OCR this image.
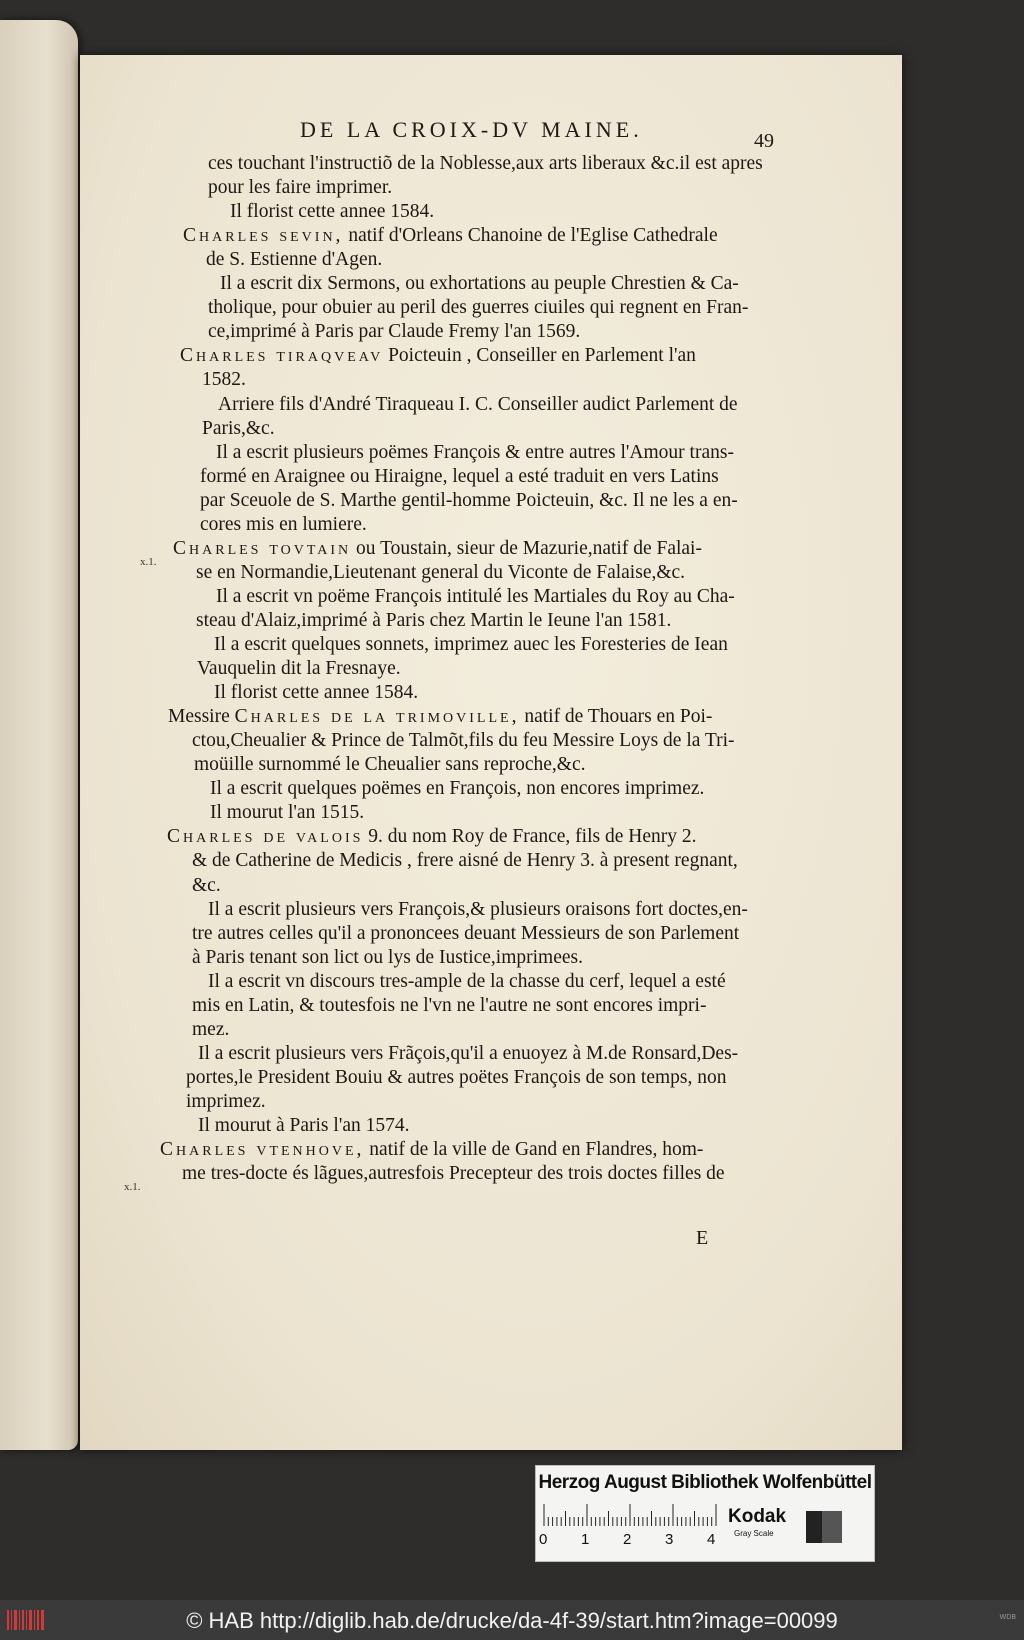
DE LA CROIX-DV MAINE.	49
ces touchant l'instructiõ de la Noblesse,aux arts liberaux &c.il est apres
pour les faire imprimer.
Il florist cette annee 1584.
Charles sevin, natif d'Orleans Chanoine de l'Eglise Cathedrale
de S. Estienne d'Agen.
Il a escrit dix Sermons, ou exhortations au peuple Chrestien & Ca-
tholique, pour obuier au peril des guerres ciuiles qui regnent en Fran-
ce,imprimé à Paris par Claude Fremy l'an 1569.
Charles tiraqveav Poicteuin , Conseiller en Parlement l'an
1582.
Arriere fils d'André Tiraqueau I. C. Conseiller audict Parlement de
Paris,&c.
Il a escrit plusieurs poëmes François & entre autres l'Amour trans-
formé en Araignee ou Hiraigne, lequel a esté traduit en vers Latins
par Sceuole de S. Marthe gentil-homme Poicteuin, &c. Il ne les a en-
cores mis en lumiere.
Charles tovtain ou Toustain, sieur de Mazurie,natif de Falai-
se en Normandie,Lieutenant general du Viconte de Falaise,&c.
Il a escrit vn poëme François intitulé les Martiales du Roy au Cha-
steau d'Alaiz,imprimé à Paris chez Martin le Ieune l'an 1581.
Il a escrit quelques sonnets, imprimez auec les Foresteries de Iean
Vauquelin dit la Fresnaye.
Il florist cette annee 1584.
Messire Charles de la trimoville, natif de Thouars en Poi-
ctou,Cheualier & Prince de Talmõt,fils du feu Messire Loys de la Tri-
moüille surnommé le Cheualier sans reproche,&c.
Il a escrit quelques poëmes en François, non encores imprimez.
Il mourut l'an 1515.
Charles de valois 9. du nom Roy de France, fils de Henry 2.
& de Catherine de Medicis , frere aisné de Henry 3. à present regnant,
&c.
Il a escrit plusieurs vers François,& plusieurs oraisons fort doctes,en-
tre autres celles qu'il a prononcees deuant Messieurs de son Parlement
à Paris tenant son lict ou lys de Iustice,imprimees.
Il a escrit vn discours tres-ample de la chasse du cerf, lequel a esté
mis en Latin, & toutesfois ne l'vn ne l'autre ne sont encores impri-
mez.
Il a escrit plusieurs vers Frãçois,qu'il a enuoyez à M.de Ronsard,Des-
portes,le President Bouiu & autres poëtes François de son temps, non
imprimez.
Il mourut à Paris l'an 1574.
Charles vtenhove, natif de la ville de Gand en Flandres, hom-
me tres-docte és lãgues,autresfois Precepteur des trois doctes filles de
x.1.
x.1.
E
Herzog August Bibliothek Wolfenbüttel
0 1 2 3 4
Kodak
Gray Scale
© HAB http://diglib.hab.de/drucke/da-4f-39/start.htm?image=00099	WDB
